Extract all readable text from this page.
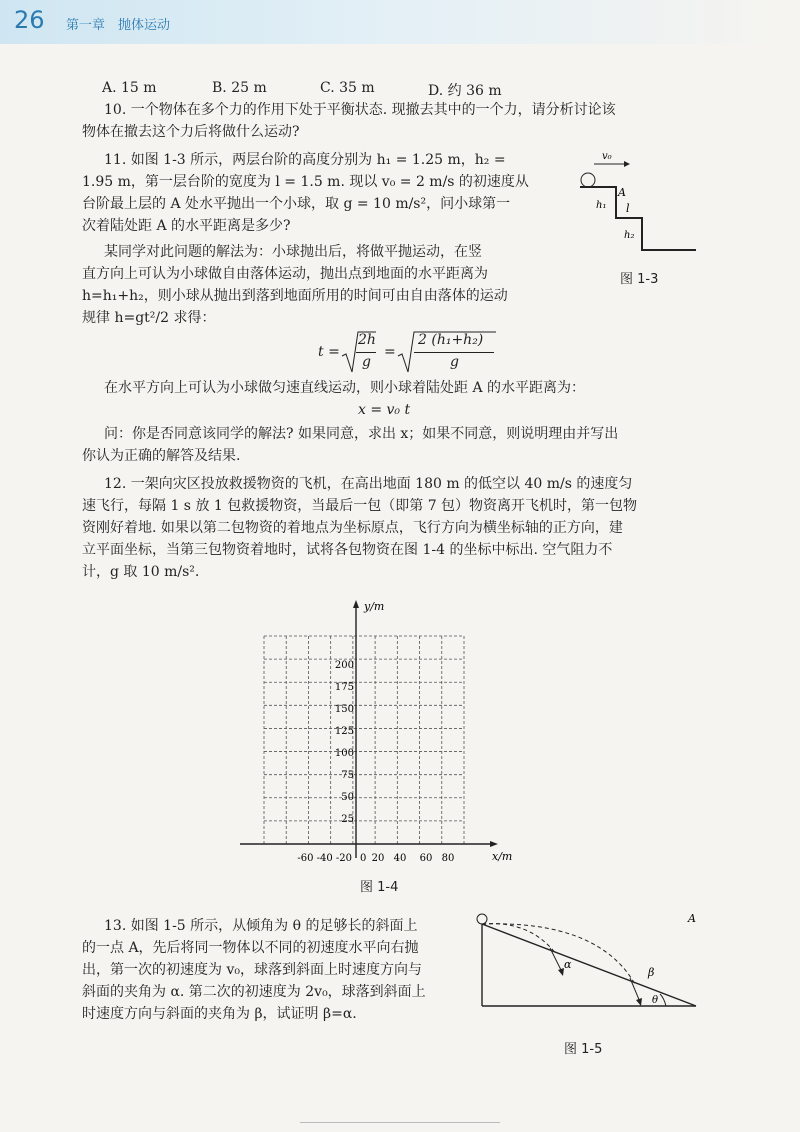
26 第一章　抛体运动
A. 15 m	B. 25 m	C. 35 m	D. 约 36 m
10. 一个物体在多个力的作用下处于平衡状态. 现撤去其中的一个力，请分析讨论该
物体在撤去这个力后将做什么运动?
11. 如图 1-3 所示，两层台阶的高度分别为 h₁ = 1.25 m，h₂ =
1.95 m，第一层台阶的宽度为 l = 1.5 m. 现以 v₀ = 2 m/s 的初速度从
台阶最上层的 A 处水平抛出一个小球，取 g = 10 m/s²，问小球第一
次着陆处距 A 的水平距离是多少?
某同学对此问题的解法为：小球抛出后，将做平抛运动，在竖
直方向上可认为小球做自由落体运动，抛出点到地面的水平距离为
h=h₁+h₂，则小球从抛出到落到地面所用的时间可由自由落体的运动
规律 h=gt²/2 求得：
v₀
A
h₁ l
h₂
图 1-3
t =
2h
g
=
2 (h₁+h₂)
g
在水平方向上可认为小球做匀速直线运动，则小球着陆处距 A 的水平距离为：
x = v₀ t
问：你是否同意该同学的解法? 如果同意，求出 x；如果不同意，则说明理由并写出
你认为正确的解答及结果.
12. 一架向灾区投放救援物资的飞机，在高出地面 180 m 的低空以 40 m/s 的速度匀
速飞行，每隔 1 s 放 1 包救援物资，当最后一包（即第 7 包）物资离开飞机时，第一包物
资刚好着地. 如果以第二包物资的着地点为坐标原点，飞行方向为横坐标轴的正方向，建
立平面坐标，当第三包物资着地时，试将各包物资在图 1-4 的坐标中标出. 空气阻力不
计，g 取 10 m/s².
y/m
x/m
200
175
150
125
100
75
50
25
-60 -40 -20 0 20 40 60 80
图 1-4
13. 如图 1-5 所示，从倾角为 θ 的足够长的斜面上
的一点 A，先后将同一物体以不同的初速度水平向右抛
出，第一次的初速度为 v₀，球落到斜面上时速度方向与
斜面的夹角为 α. 第二次的初速度为 2v₀，球落到斜面上
时速度方向与斜面的夹角为 β，试证明 β=α.
α
β
θ
A
图 1-5
